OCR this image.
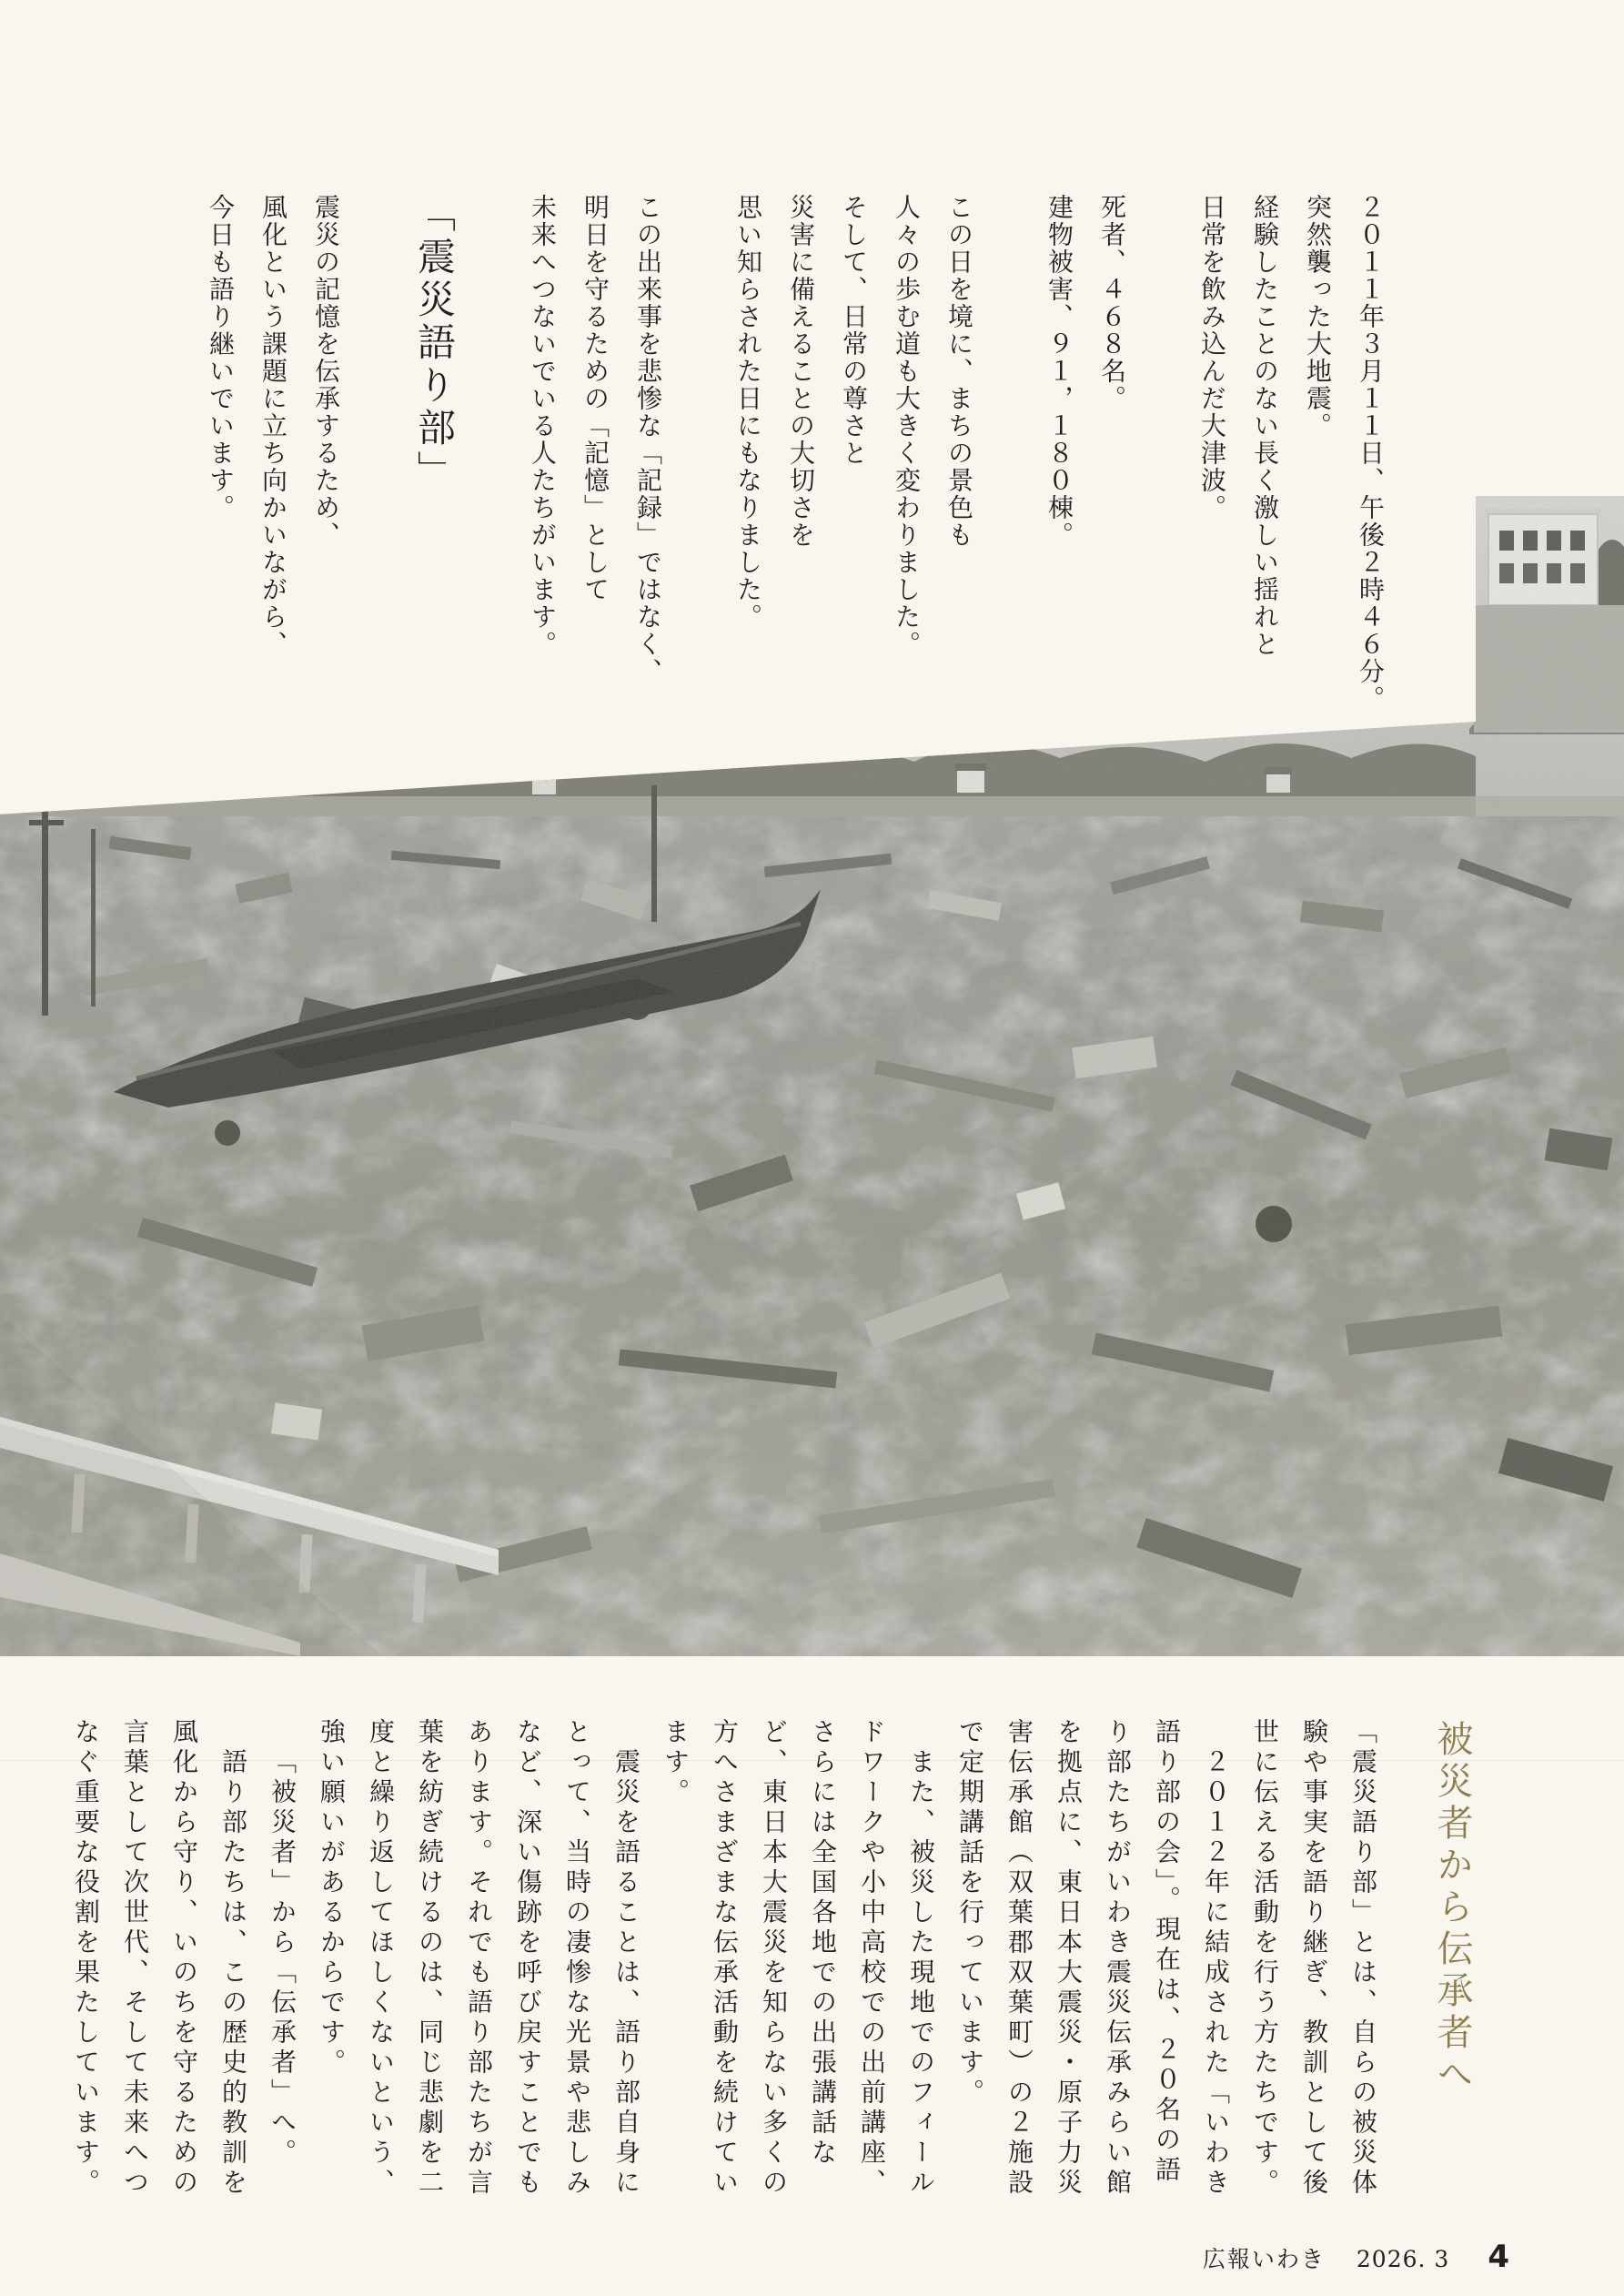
２０１１年３月１１日、午後２時４６分。
突然襲った大地震。
経験したことのない長く激しい揺れと
日常を飲み込んだ大津波。
死者、４６８名。
建物被害、９１，１８０棟。
この日を境に、まちの景色も
人々の歩む道も大きく変わりました。
そして、日常の尊さと
災害に備えることの大切さを
思い知らされた日にもなりました。
この出来事を悲惨な「記録」ではなく、
明日を守るための「記憶」として
未来へつないでいる人たちがいます。
「震災語り部」
震災の記憶を伝承するため、
風化という課題に立ち向かいながら、
今日も語り継いでいます。
被災者から伝承者へ

「震災語り部」とは、自らの被災体験や事実を語り継ぎ、教訓として後世に伝える活動を行う方たちです。

２０１２年に結成された「いわき語り部の会」。現在は、２０名の語り部たちがいわき震災伝承みらい館を拠点に、東日本大震災・原子力災害伝承館（双葉郡双葉町）の２施設で定期講話を行っています。

また、被災した現地でのフィールドワークや小中高校での出前講座、さらには全国各地での出張講話など、東日本大震災を知らない多くの方へさまざまな伝承活動を続けています。

震災を語ることは、語り部自身にとって、当時の凄惨な光景や悲しみなど、深い傷跡を呼び戻すことでもあります。それでも語り部たちが言葉を紡ぎ続けるのは、同じ悲劇を二度と繰り返してほしくないという、強い願いがあるからです。

「被災者」から「伝承者」へ。

語り部たちは、この歴史的教訓を風化から守り、いのちを守るための言葉として次世代、そして未来へつなぐ重要な役割を果たしています。

広報いわき 2026. 3 4
